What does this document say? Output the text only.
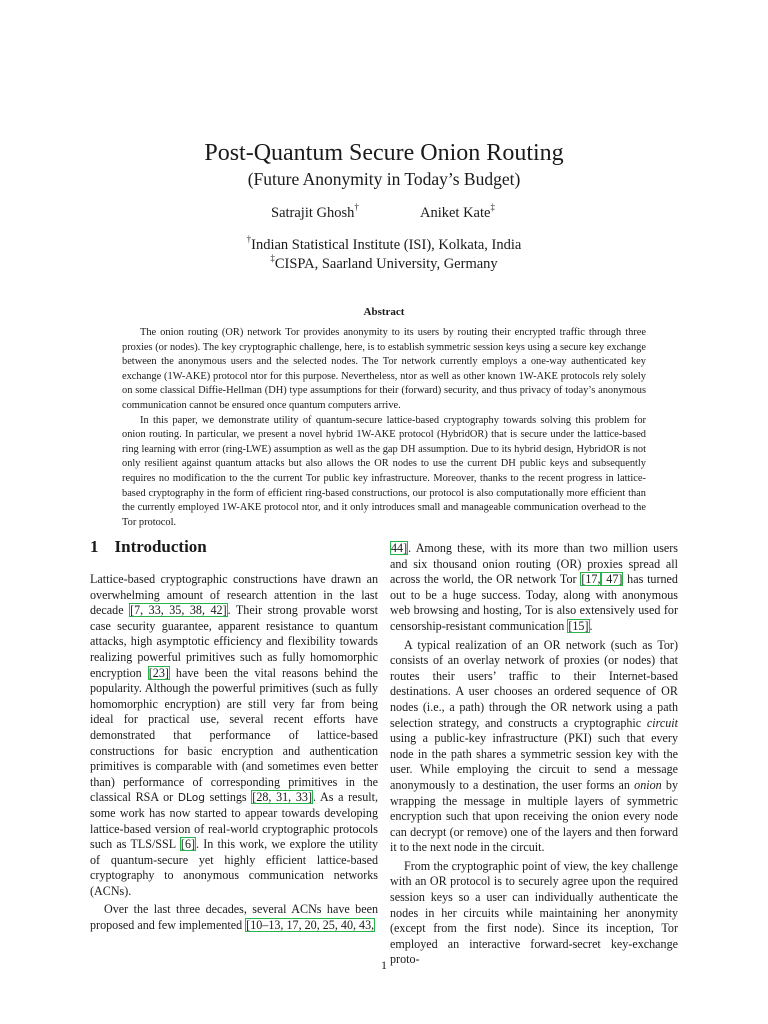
Post-Quantum Secure Onion Routing
(Future Anonymity in Today’s Budget)
Satrajit Ghosh†	Aniket Kate‡
†Indian Statistical Institute (ISI), Kolkata, India
‡CISPA, Saarland University, Germany
Abstract

The onion routing (OR) network Tor provides anonymity to its users by routing their encrypted traffic through three proxies (or nodes). The key cryptographic challenge, here, is to establish symmetric session keys using a secure key exchange between the anonymous users and the selected nodes. The Tor network currently employs a one-way authenticated key exchange (1W-AKE) protocol ntor for this purpose. Nevertheless, ntor as well as other known 1W-AKE protocols rely solely on some classical Diffie-Hellman (DH) type assumptions for their (forward) security, and thus privacy of today’s anonymous communication cannot be ensured once quantum computers arrive.

In this paper, we demonstrate utility of quantum-secure lattice-based cryptography towards solving this problem for onion routing. In particular, we present a novel hybrid 1W-AKE protocol (HybridOR) that is secure under the lattice-based ring learning with error (ring-LWE) assumption as well as the gap DH assumption. Due to its hybrid design, HybridOR is not only resilient against quantum attacks but also allows the OR nodes to use the current DH public keys and subsequently requires no modification to the the current Tor public key infrastructure. Moreover, thanks to the recent progress in lattice-based cryptography in the form of efficient ring-based constructions, our protocol is also computationally more efficient than the currently employed 1W-AKE protocol ntor, and it only introduces small and manageable communication overhead to the Tor protocol.

1 Introduction

Lattice-based cryptographic constructions have drawn an overwhelming amount of research attention in the last decade [7, 33, 35, 38, 42]. Their strong provable worst case security guarantee, apparent resistance to quantum attacks, high asymptotic efficiency and flexibility towards realizing powerful primitives such as fully homomorphic encryption [23] have been the vital reasons behind the popularity. Although the powerful primitives (such as fully homomorphic encryption) are still very far from being ideal for practical use, several recent efforts have demonstrated that performance of lattice-based constructions for basic encryption and authentication primitives is comparable with (and sometimes even better than) performance of corresponding primitives in the classical RSA or DLog settings [28, 31, 33]. As a result, some work has now started to appear towards developing lattice-based version of real-world cryptographic protocols such as TLS/SSL [6]. In this work, we explore the utility of quantum-secure yet highly efficient lattice-based cryptography to anonymous communication networks (ACNs).

Over the last three decades, several ACNs have been proposed and few implemented [10–13, 17, 20, 25, 40, 43,

44]. Among these, with its more than two million users and six thousand onion routing (OR) proxies spread all across the world, the OR network Tor [17, 47] has turned out to be a huge success. Today, along with anonymous web browsing and hosting, Tor is also extensively used for censorship-resistant communication [15].

A typical realization of an OR network (such as Tor) consists of an overlay network of proxies (or nodes) that routes their users’ traffic to their Internet-based destinations. A user chooses an ordered sequence of OR nodes (i.e., a path) through the OR network using a path selection strategy, and constructs a cryptographic circuit using a public-key infrastructure (PKI) such that every node in the path shares a symmetric session key with the user. While employing the circuit to send a message anonymously to a destination, the user forms an onion by wrapping the message in multiple layers of symmetric encryption such that upon receiving the onion every node can decrypt (or remove) one of the layers and then forward it to the next node in the circuit.

From the cryptographic point of view, the key challenge with an OR protocol is to securely agree upon the required session keys so a user can individually authenticate the nodes in her circuits while maintaining her anonymity (except from the first node). Since its inception, Tor employed an interactive forward-secret key-exchange proto-

1
